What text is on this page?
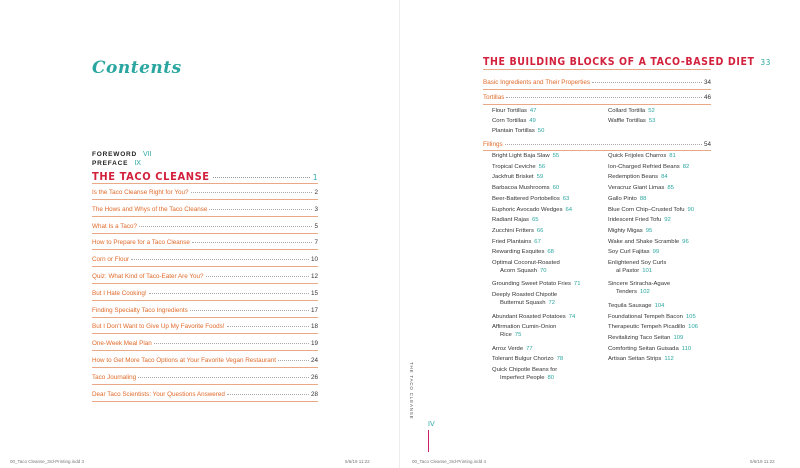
Contents
FOREWORD VII
PREFACE IX
THE TACO CLEANSE	1
Is the Taco Cleanse Right for You?	2
The Hows and Whys of the Taco Cleanse	3
What Is a Taco?	5
How to Prepare for a Taco Cleanse	7
Corn or Flour	10
Quiz: What Kind of Taco-Eater Are You?	12
But I Hate Cooking!	15
Finding Specialty Taco Ingredients	17
But I Don't Want to Give Up My Favorite Foods!	18
One-Week Meal Plan	19
How to Get More Taco Options at Your Favorite Vegan Restaurant	24
Taco Journaling	26
Dear Taco Scientists: Your Questions Answered	28
THE BUILDING BLOCKS OF A TACO-BASED DIET 33
Basic Ingredients and Their Properties	34
Tortillas	46
Flour Tortillas 47
Corn Tortillas 49
Plantain Tortillas 50
Collard Tortilla 52
Waffle Tortillas 53
Fillings	54
Bright Light Baja Slaw 55
Tropical Ceviche 56
Jackfruit Brisket 59
Barbacoa Mushrooms 60
Beer-Battered Portobellos 63
Euphoric Avocado Wedges 64
Radiant Rajas 65
Zucchini Fritters 66
Fried Plantains 67
Rewarding Esquites 68
Optimal Coconut-Roasted
Acorn Squash 70
Grounding Sweet Potato Fries 71
Deeply Roasted Chipotle
Butternut Squash 72
Abundant Roasted Potatoes 74
Affirmation Cumin-Onion
Rice 75
Arroz Verde 77
Tolerant Bulgur Chorizo 78
Quick Chipotle Beans for
Imperfect People 80
Quick Frijoles Charros 81
Ion-Charged Refried Beans 82
Redemption Beans 84
Veracruz Giant Limas 85
Gallo Pinto 88
Blue Corn Chip–Crusted Tofu 90
Iridescent Fried Tofu 92
Mighty Migas 95
Wake and Shake Scramble 96
Soy Curl Fajitas 99
Enlightened Soy Curls
al Pastor 101
Sincere Sriracha-Agave
Tenders 102
Tequila Sausage 104
Foundational Tempeh Bacon 105
Therapeutic Tempeh Picadillo 106
Revitalizing Taco Seitan 109
Comforting Seitan Guisada 110
Artisan Seitan Strips 112
THE TACO CLEANSE
IV
00_Taco Cleanse_3rd-Printing.indd 3	5/6/19 11:22	00_Taco Cleanse_3rd-Printing.indd 4	5/6/19 11:22
